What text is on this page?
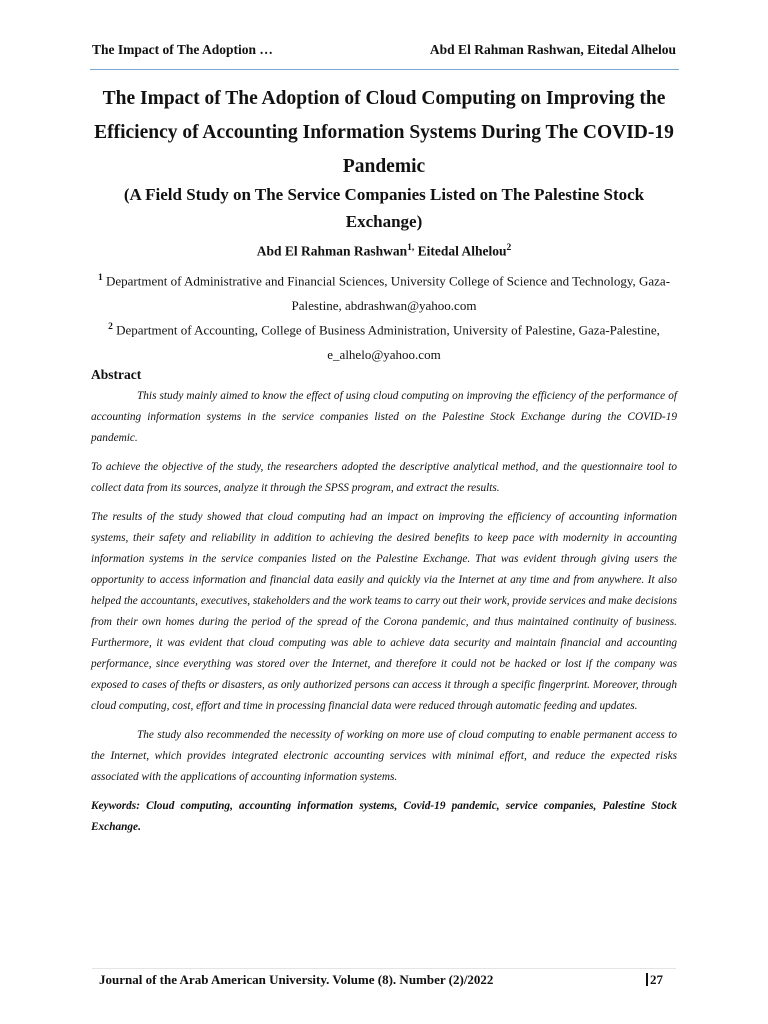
The Impact of The Adoption …	Abd El Rahman Rashwan, Eitedal Alhelou
The Impact of The Adoption of Cloud Computing on Improving the Efficiency of Accounting Information Systems During The COVID-19 Pandemic
(A Field Study on The Service Companies Listed on The Palestine Stock Exchange)
Abd El Rahman Rashwan$^{1,}$ Eitedal Alhelou$^2$
$^1$ Department of Administrative and Financial Sciences, University College of Science and Technology, Gaza- Palestine, abdrashwan@yahoo.com
$^2$ Department of Accounting, College of Business Administration, University of Palestine, Gaza-Palestine, e_alhelo@yahoo.com
Abstract

This study mainly aimed to know the effect of using cloud computing on improving the efficiency of the performance of accounting information systems in the service companies listed on the Palestine Stock Exchange during the COVID-19 pandemic.

To achieve the objective of the study, the researchers adopted the descriptive analytical method, and the questionnaire tool to collect data from its sources, analyze it through the SPSS program, and extract the results.

The results of the study showed that cloud computing had an impact on improving the efficiency of accounting information systems, their safety and reliability in addition to achieving the desired benefits to keep pace with modernity in accounting information systems in the service companies listed on the Palestine Exchange. That was evident through giving users the opportunity to access information and financial data easily and quickly via the Internet at any time and from anywhere. It also helped the accountants, executives, stakeholders and the work teams to carry out their work, provide services and make decisions from their own homes during the period of the spread of the Corona pandemic, and thus maintained continuity of business. Furthermore, it was evident that cloud computing was able to achieve data security and maintain financial and accounting performance, since everything was stored over the Internet, and therefore it could not be hacked or lost if the company was exposed to cases of thefts or disasters, as only authorized persons can access it through a specific fingerprint. Moreover, through cloud computing, cost, effort and time in processing financial data were reduced through automatic feeding and updates.

The study also recommended the necessity of working on more use of cloud computing to enable permanent access to the Internet, which provides integrated electronic accounting services with minimal effort, and reduce the expected risks associated with the applications of accounting information systems.

Keywords: Cloud computing, accounting information systems, Covid-19 pandemic, service companies, Palestine Stock Exchange.

Journal of the Arab American University. Volume (8). Number (2)/2022	27
